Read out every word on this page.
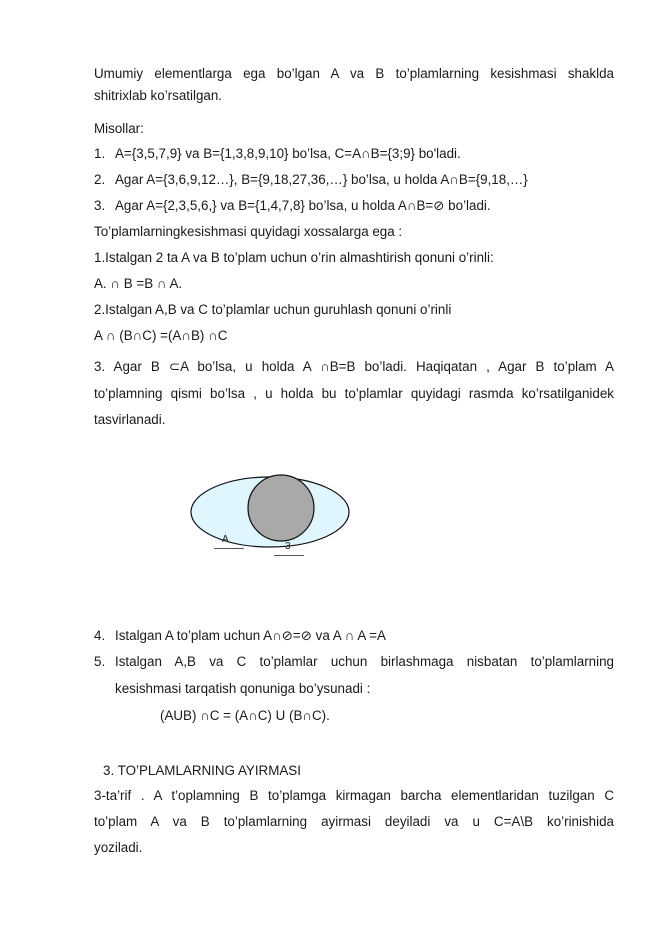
Umumiy elementlarga ega bo’lgan A va B to’plamlarning kesishmasi shaklda
shitrixlab ko’rsatilgan.
Misollar:
1. A={3,5,7,9} va B={1,3,8,9,10} bo’lsa, C=A∩B={3;9} bo'ladi.
2. Agar A={3,6,9,12…}, B={9,18,27,36,…} bo’lsa, u holda A∩B={9,18,…}
3. Agar A={2,3,5,6,} va B={1,4,7,8} bo’lsa, u holda A∩B=⊘ bo’ladi.
To’plamlarningkesishmasi quyidagi xossalarga ega :
1.Istalgan 2 ta A va B to’plam uchun o’rin almashtirish qonuni o’rinli:
A. ∩ B =B ∩ A.
2.Istalgan A,B va C to’plamlar uchun guruhlash qonuni o’rinli
A ∩ (B∩C) =(A∩B) ∩C
3. Agar B ⊂A bo’lsa, u holda A ∩B=B bo’ladi. Haqiqatan , Agar B to’plam A
to’plamning qismi bo’lsa , u holda bu to’plamlar quyidagi rasmda ko’rsatilganidek
tasvirlanadi.
A
3
4. Istalgan A to’plam uchun A∩⊘=⊘ va A ∩ A =A
5. Istalgan A,B va C to’plamlar uchun birlashmaga nisbatan to’plamlarning
kesishmasi tarqatish qonuniga bo’ysunadi :
(AUB) ∩C = (A∩C) U (B∩C).
3. TO’PLAMLARNING AYIRMASI
3-ta’rif . A t’oplamning B to’plamga kirmagan barcha elementlaridan tuzilgan C
to’plam A va B to’plamlarning ayirmasi deyiladi va u C=A\B ko’rinishida
yoziladi.
